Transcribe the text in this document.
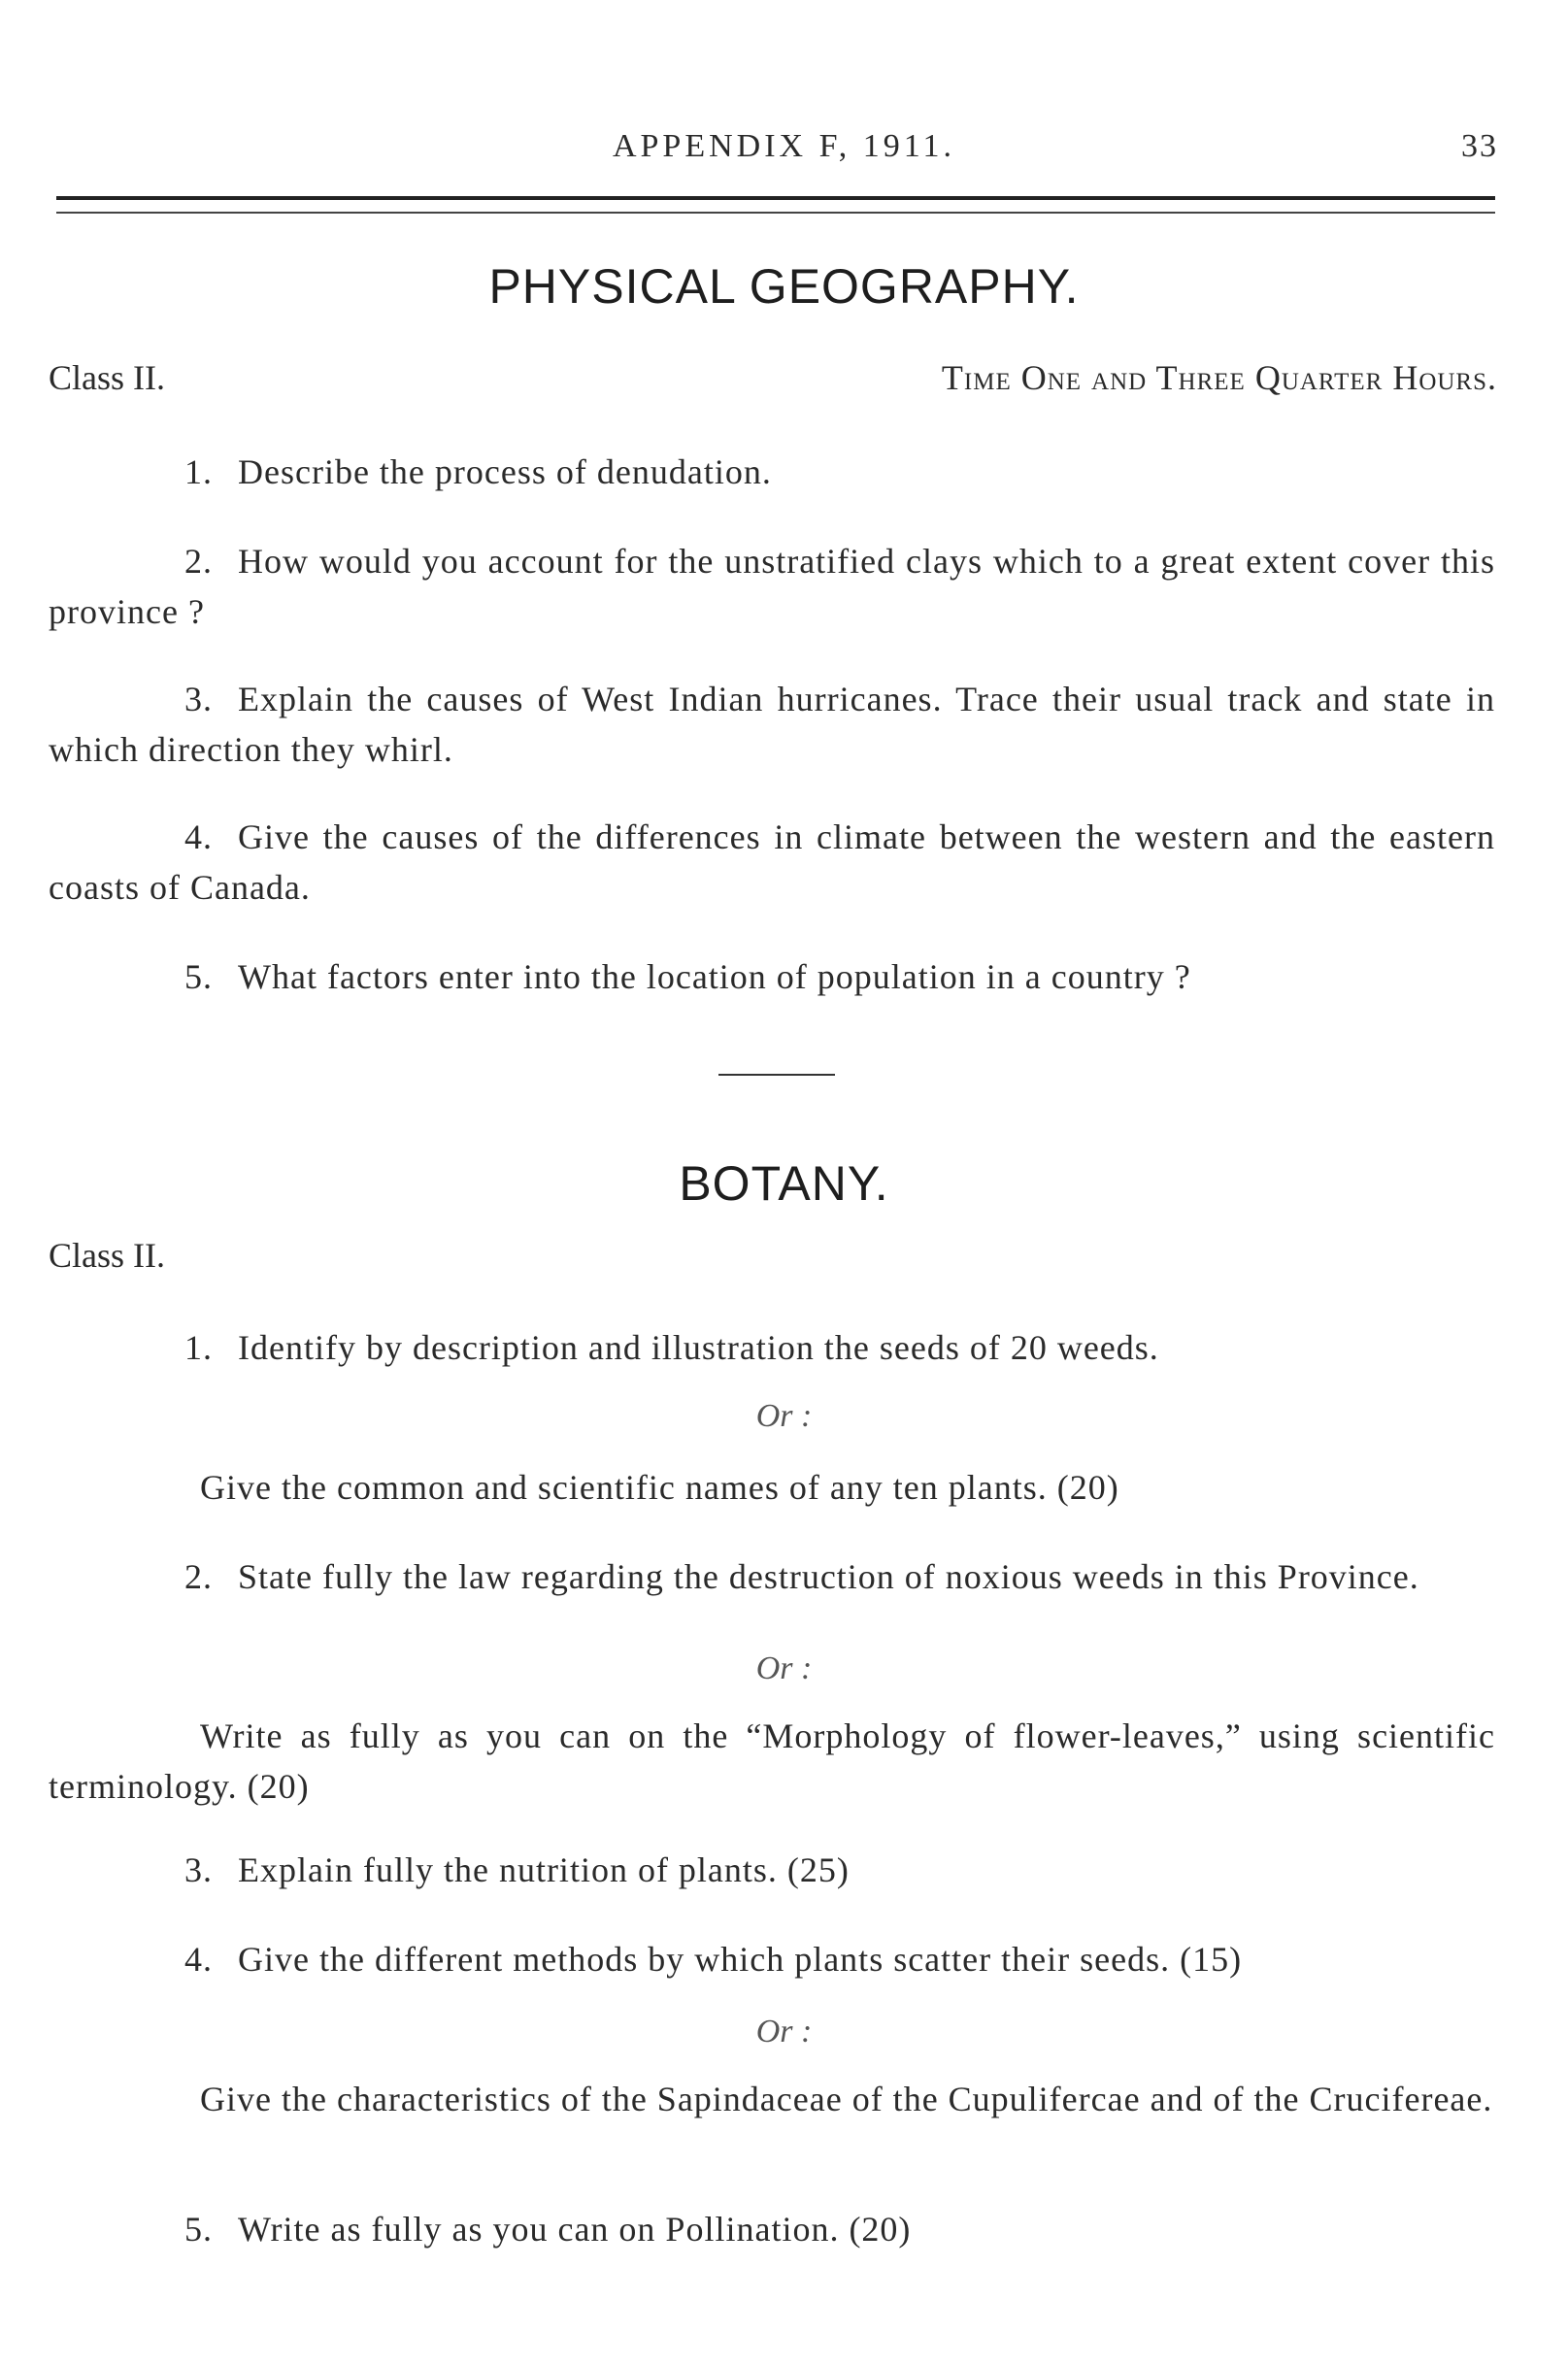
APPENDIX F, 1911.	33
PHYSICAL GEOGRAPHY.
Class II.	Time One and Three Quarter Hours.
1. Describe the process of denudation.
2. How would you account for the unstratified clays which to a great extent cover this province ?
3. Explain the causes of West Indian hurricanes. Trace their usual track and state in which direction they whirl.
4. Give the causes of the differences in climate between the western and the eastern coasts of Canada.
5. What factors enter into the location of population in a country ?
BOTANY.
Class II.
1. Identify by description and illustration the seeds of 20 weeds.
Or :
Give the common and scientific names of any ten plants. (20)
2. State fully the law regarding the destruction of noxious weeds in this Province.
Or :
Write as fully as you can on the “Morphology of flower-leaves,” using scientific terminology. (20)
3. Explain fully the nutrition of plants. (25)
4. Give the different methods by which plants scatter their seeds. (15)
Or :
Give the characteristics of the Sapindaceae of the Cupulifercae and of the Crucifereae.
5. Write as fully as you can on Pollination. (20)
